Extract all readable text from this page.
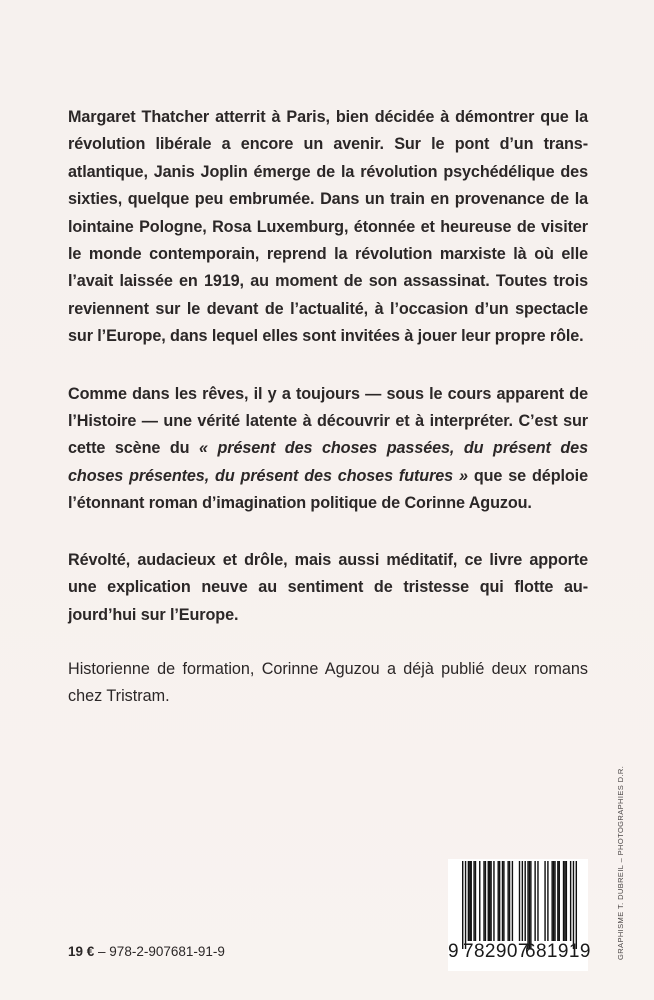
Margaret Thatcher atterrit à Paris, bien décidée à démontrer que la révolution libérale a encore un avenir. Sur le pont d’un trans- atlantique, Janis Joplin émerge de la révolution psychédélique des sixties, quelque peu embrumée. Dans un train en provenance de la lointaine Pologne, Rosa Luxemburg, étonnée et heureuse de visiter le monde contemporain, reprend la révolution marxiste là où elle l’avait laissée en 1919, au moment de son assassinat. Toutes trois reviennent sur le devant de l’actualité, à l’occasion d’un spectacle sur l’Europe, dans lequel elles sont invitées à jouer leur propre rôle.

Comme dans les rêves, il y a toujours — sous le cours apparent de l’Histoire — une vérité latente à découvrir et à interpréter. C’est sur cette scène du « présent des choses passées, du présent des choses présentes, du présent des choses futures » que se déploie l’étonnant roman d’imagination politique de Corinne Aguzou.

Révolté, audacieux et drôle, mais aussi méditatif, ce livre apporte une explication neuve au sentiment de tristesse qui flotte au-jourd’hui sur l’Europe.

Historienne de formation, Corinne Aguzou a déjà publié deux romans chez Tristram.

19 € – 978-2-907681-91-9	9 782907
681919	GRAPHISME T. DUBREIL – PHOTOGRAPHIES D.R.
